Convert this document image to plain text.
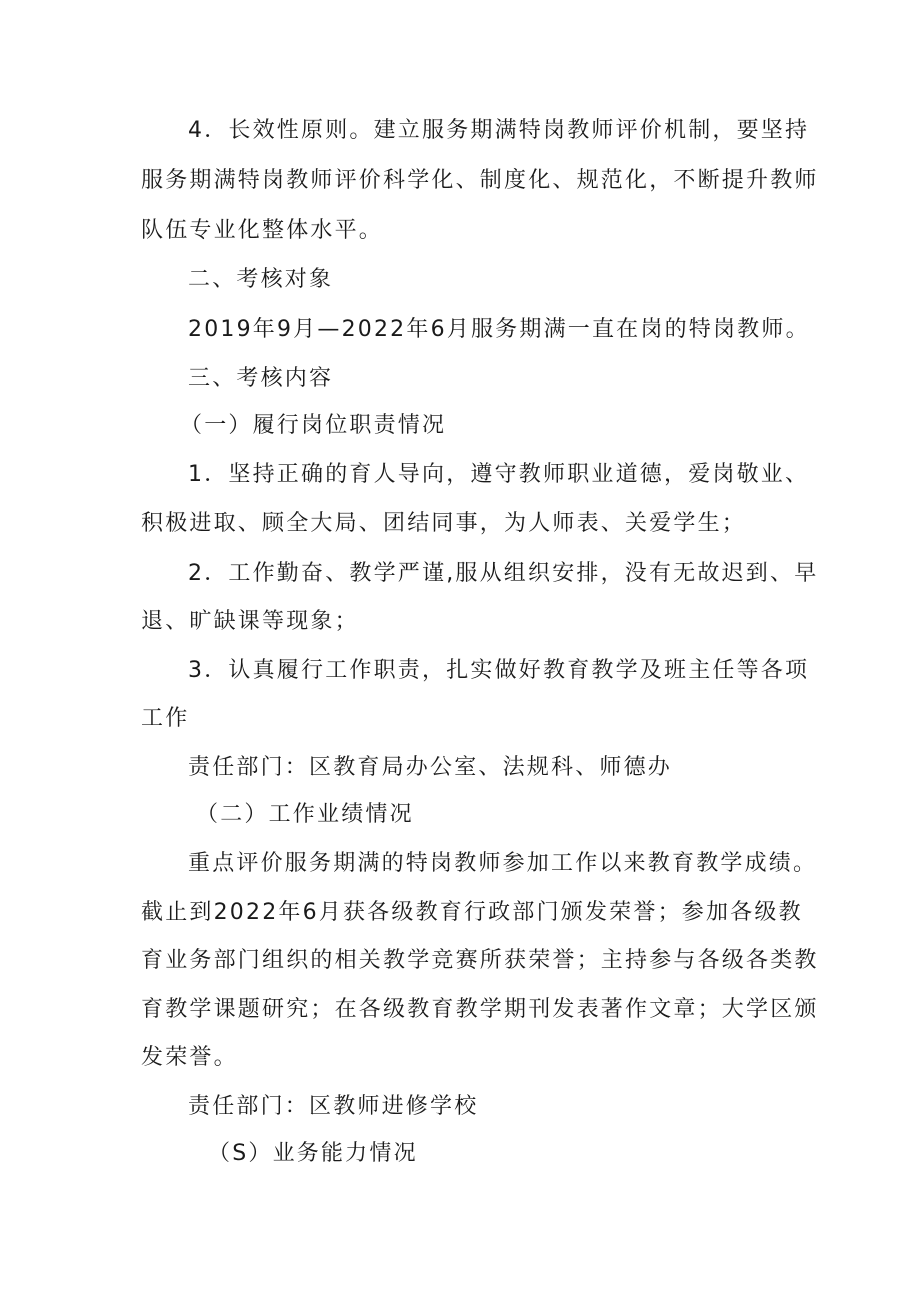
4．长效性原则。建立服务期满特岗教师评价机制，要坚持
服务期满特岗教师评价科学化、制度化、规范化，不断提升教师
队伍专业化整体水平。
二、考核对象
2019年9月—2022年6月服务期满一直在岗的特岗教师。
三、考核内容
（一）履行岗位职责情况
1．坚持正确的育人导向，遵守教师职业道德，爱岗敬业、
积极进取、顾全大局、团结同事，为人师表、关爱学生；
2．工作勤奋、教学严谨,服从组织安排，没有无故迟到、早
退、旷缺课等现象；
3．认真履行工作职责，扎实做好教育教学及班主任等各项
工作
责任部门：区教育局办公室、法规科、师德办
（二）工作业绩情况
重点评价服务期满的特岗教师参加工作以来教育教学成绩。
截止到2022年6月获各级教育行政部门颁发荣誉；参加各级教
育业务部门组织的相关教学竞赛所获荣誉；主持参与各级各类教
育教学课题研究；在各级教育教学期刊发表著作文章；大学区颁
发荣誉。
责任部门：区教师进修学校
（S）业务能力情况
